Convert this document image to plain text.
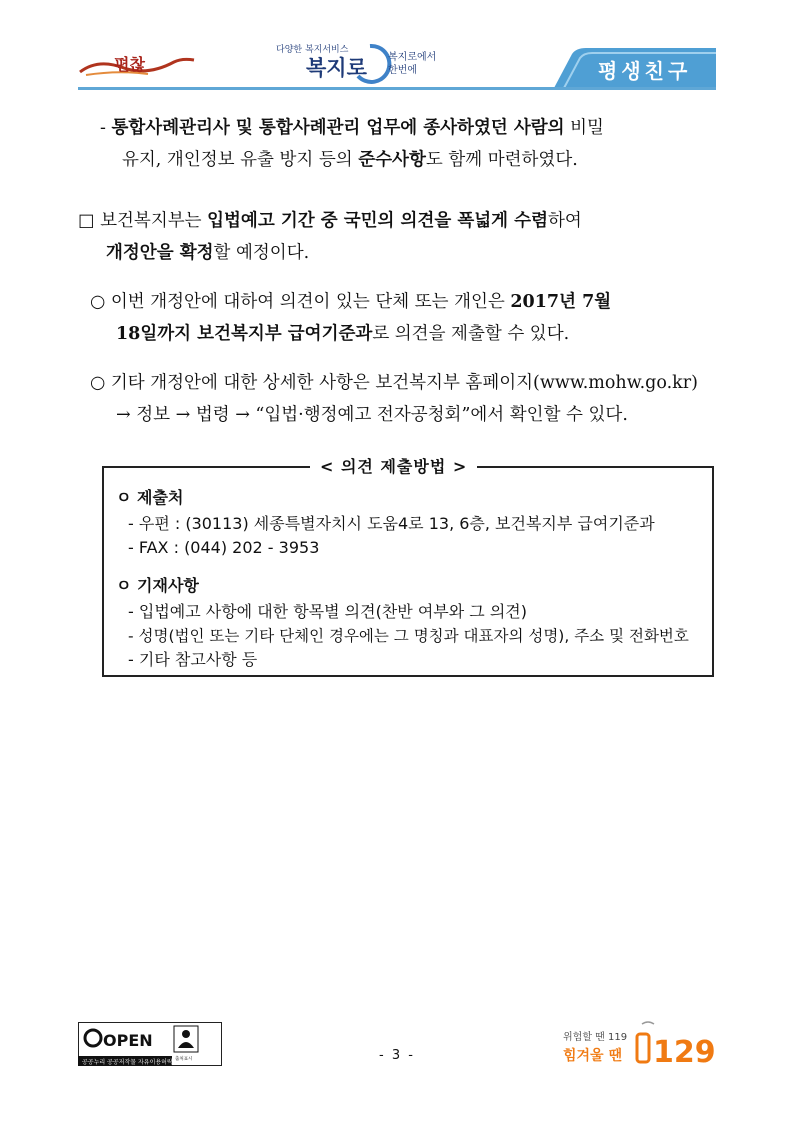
편찮
다양한 복지서비스
복지로 복지로에서
한번에	평생친구
- 통합사례관리사 및 통합사례관리 업무에 종사하였던 사람의 비밀
유지, 개인정보 유출 방지 등의 준수사항도 함께 마련하였다.
□ 보건복지부는 입법예고 기간 중 국민의 의견을 폭넓게 수렴하여
개정안을 확정할 예정이다.
○ 이번 개정안에 대하여 의견이 있는 단체 또는 개인은 2017년 7월
18일까지 보건복지부 급여기준과로 의견을 제출할 수 있다.
○ 기타 개정안에 대한 상세한 사항은 보건복지부 홈페이지(www.mohw.go.kr)
→ 정보 → 법령 → “입법·행정예고 전자공청회”에서 확인할 수 있다.
< 의견 제출방법 >
ㅇ 제출처
- 우편 : (30113) 세종특별자치시 도움4로 13, 6층, 보건복지부 급여기준과
- FAX : (044) 202 - 3953
ㅇ 기재사항
- 입법예고 사항에 대한 항목별 의견(찬반 여부와 그 의견)
- 성명(법인 또는 기타 단체인 경우에는 그 명칭과 대표자의 성명), 주소 및 전화번호
- 기타 참고사항 등
OPEN
출처표시
공공누리 공공저작물 자유이용허락	- 3 -
위험할 땐 119
힘겨울 땐 129
